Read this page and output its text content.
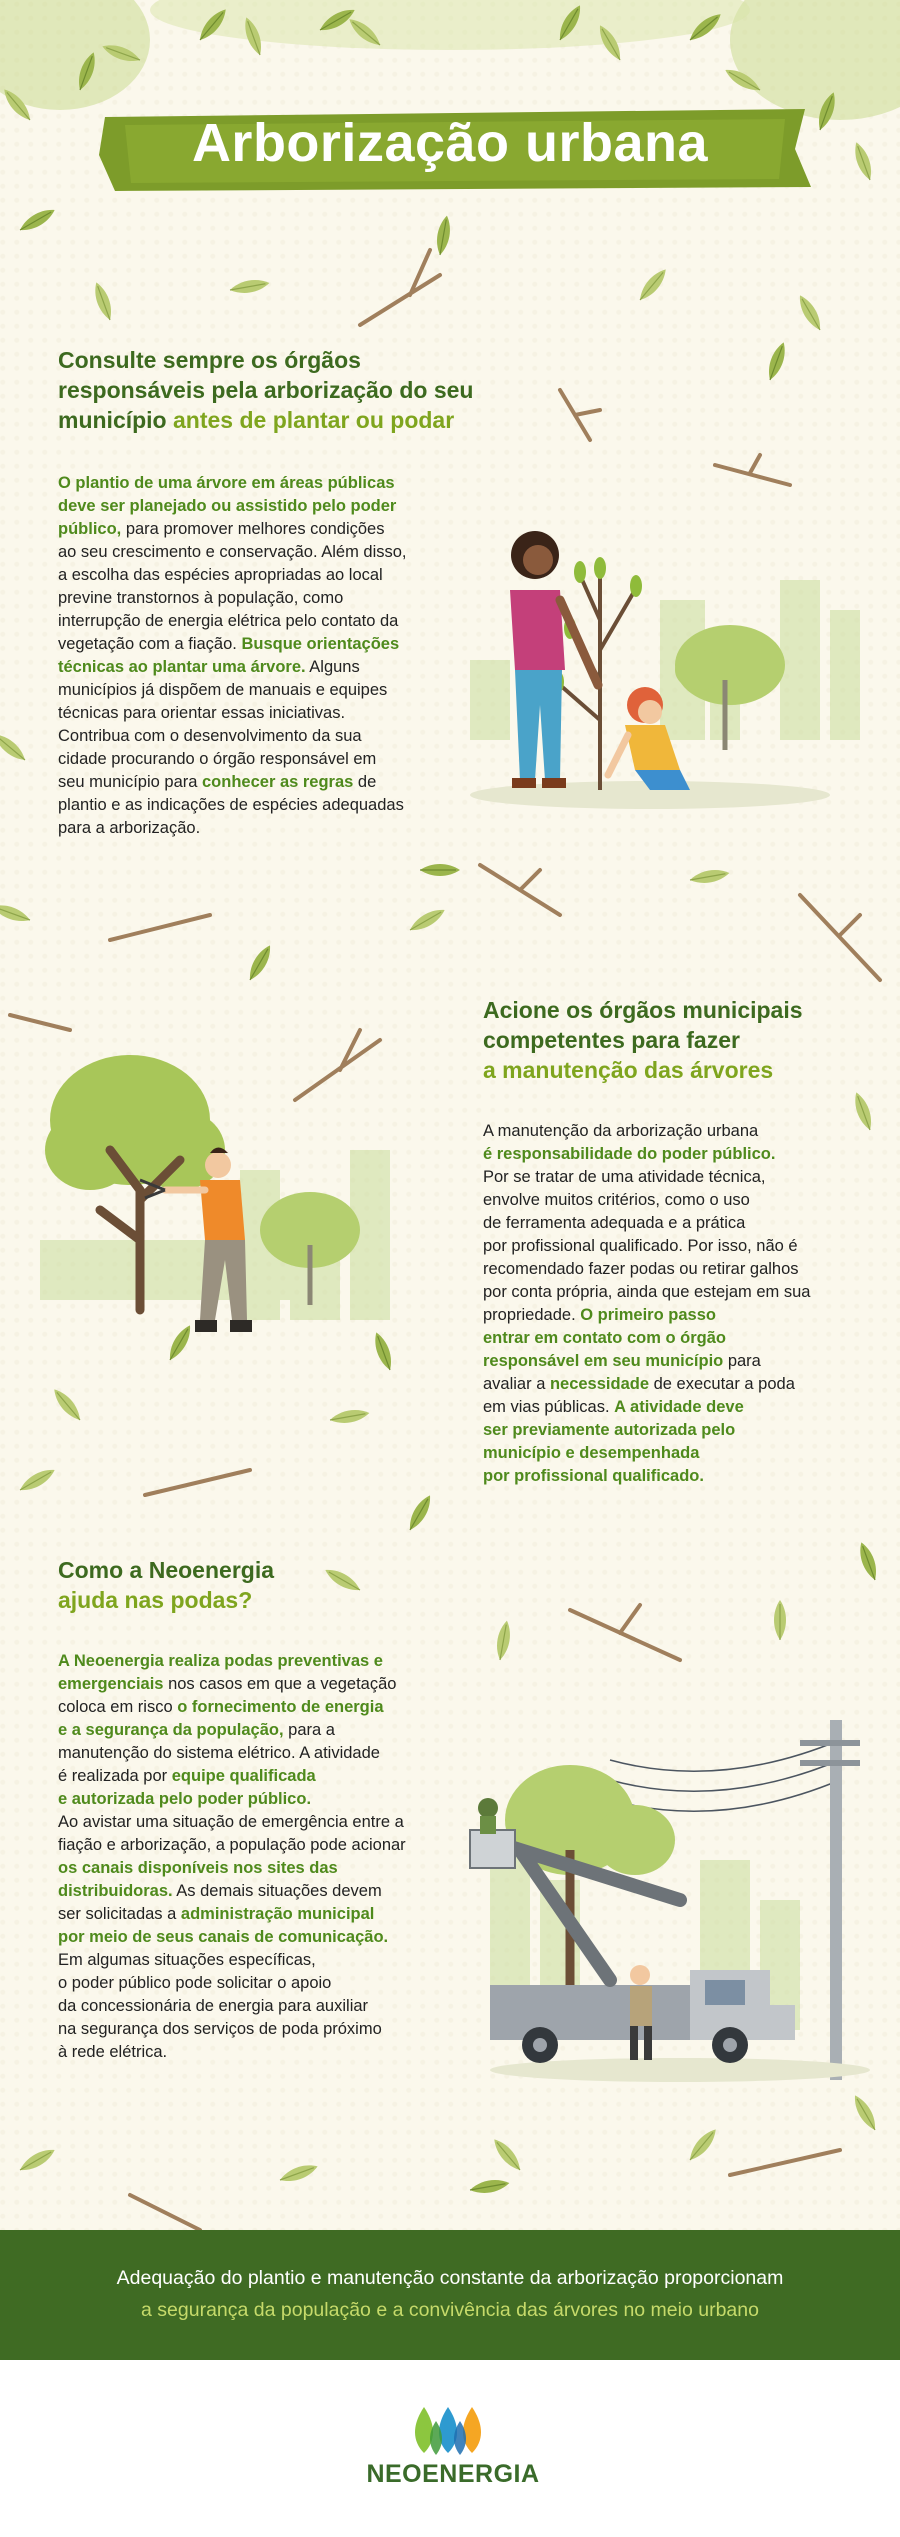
Arborização urbana
Consulte sempre os órgãos
responsáveis pela arborização do seu
município antes de plantar ou podar
O plantio de uma árvore em áreas públicas
deve ser planejado ou assistido pelo poder
público, para promover melhores condições
ao seu crescimento e conservação. Além disso,
a escolha das espécies apropriadas ao local
previne transtornos à população, como
interrupção de energia elétrica pelo contato da
vegetação com a fiação. Busque orientações
técnicas ao plantar uma árvore. Alguns
municípios já dispõem de manuais e equipes
técnicas para orientar essas iniciativas.
Contribua com o desenvolvimento da sua
cidade procurando o órgão responsável em
seu município para conhecer as regras de
plantio e as indicações de espécies adequadas
para a arborização.
Acione os órgãos municipais
competentes para fazer
a manutenção das árvores
A manutenção da arborização urbana
é responsabilidade do poder público.
Por se tratar de uma atividade técnica,
envolve muitos critérios, como o uso
de ferramenta adequada e a prática
por profissional qualificado. Por isso, não é
recomendado fazer podas ou retirar galhos
por conta própria, ainda que estejam em sua
propriedade. O primeiro passo
entrar em contato com o órgão
responsável em seu município para
avaliar a necessidade de executar a poda
em vias públicas. A atividade deve
ser previamente autorizada pelo
município e desempenhada
por profissional qualificado.
Como a Neoenergia
ajuda nas podas?
A Neoenergia realiza podas preventivas e
emergenciais nos casos em que a vegetação
coloca em risco o fornecimento de energia
e a segurança da população, para a
manutenção do sistema elétrico. A atividade
é realizada por equipe qualificada
e autorizada pelo poder público.
Ao avistar uma situação de emergência entre a
fiação e arborização, a população pode acionar
os canais disponíveis nos sites das
distribuidoras. As demais situações devem
ser solicitadas a administração municipal
por meio de seus canais de comunicação.
Em algumas situações específicas,
o poder público pode solicitar o apoio
da concessionária de energia para auxiliar
na segurança dos serviços de poda próximo
à rede elétrica.
Adequação do plantio e manutenção constante da arborização proporcionam
a segurança da população e a convivência das árvores no meio urbano
NEOENERGIA
